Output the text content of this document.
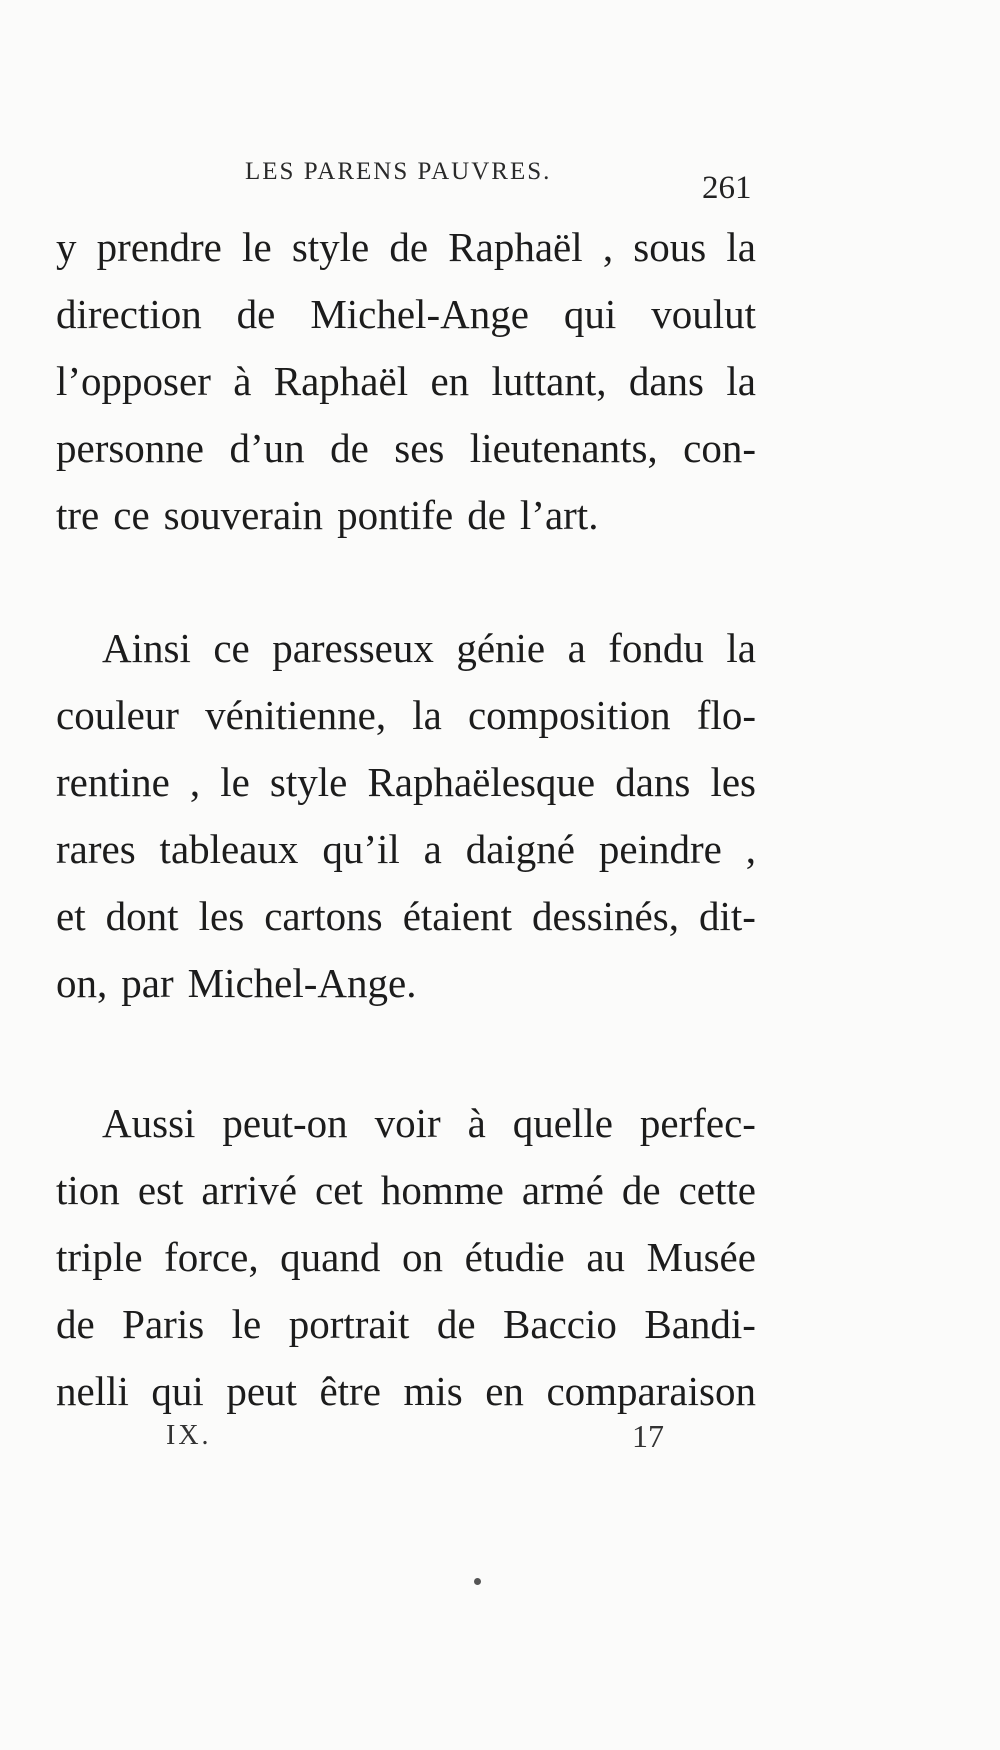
LES PARENS PAUVRES.	261
y prendre le style de Raphaël , sous la
direction de Michel-Ange qui voulut
l’opposer à Raphaël en luttant, dans la
personne d’un de ses lieutenants, con-
tre ce souverain pontife de l’art.
Ainsi ce paresseux génie a fondu la
couleur vénitienne, la composition flo-
rentine , le style Raphaëlesque dans les
rares tableaux qu’il a daigné peindre ,
et dont les cartons étaient dessinés, dit-
on, par Michel-Ange.
Aussi peut-on voir à quelle perfec-
tion est arrivé cet homme armé de cette
triple force, quand on étudie au Musée
de Paris le portrait de Baccio Bandi-
nelli qui peut être mis en comparaison
IX.	17
